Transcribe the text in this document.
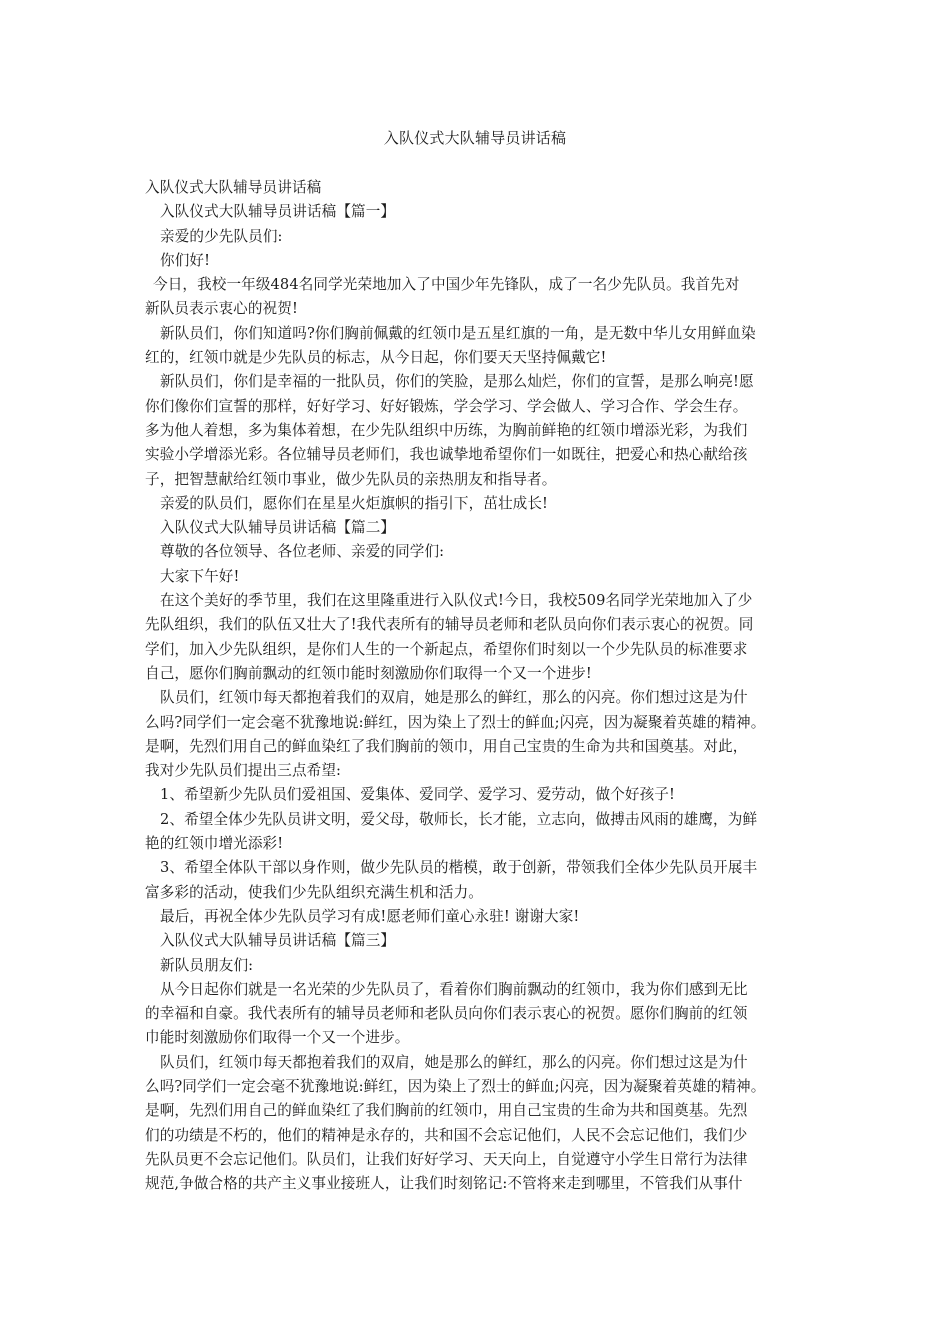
入队仪式大队辅导员讲话稿
入队仪式大队辅导员讲话稿
入队仪式大队辅导员讲话稿【篇一】
亲爱的少先队员们:
你们好!
今日，我校一年级484名同学光荣地加入了中国少年先锋队，成了一名少先队员。我首先对
新队员表示衷心的祝贺!
新队员们，你们知道吗?你们胸前佩戴的红领巾是五星红旗的一角，是无数中华儿女用鲜血染
红的，红领巾就是少先队员的标志，从今日起，你们要天天坚持佩戴它!
新队员们，你们是幸福的一批队员，你们的笑脸，是那么灿烂，你们的宣誓，是那么响亮!愿
你们像你们宣誓的那样，好好学习、好好锻炼，学会学习、学会做人、学习合作、学会生存。
多为他人着想，多为集体着想，在少先队组织中历练，为胸前鲜艳的红领巾增添光彩，为我们
实验小学增添光彩。各位辅导员老师们，我也诚挚地希望你们一如既往，把爱心和热心献给孩
子，把智慧献给红领巾事业，做少先队员的亲热朋友和指导者。
亲爱的队员们，愿你们在星星火炬旗帜的指引下，茁壮成长!
入队仪式大队辅导员讲话稿【篇二】
尊敬的各位领导、各位老师、亲爱的同学们:
大家下午好!
在这个美好的季节里，我们在这里隆重进行入队仪式!今日，我校509名同学光荣地加入了少
先队组织，我们的队伍又壮大了!我代表所有的辅导员老师和老队员向你们表示衷心的祝贺。同
学们，加入少先队组织，是你们人生的一个新起点，希望你们时刻以一个少先队员的标准要求
自己，愿你们胸前飘动的红领巾能时刻激励你们取得一个又一个进步!
队员们，红领巾每天都抱着我们的双肩，她是那么的鲜红，那么的闪亮。你们想过这是为什
么吗?同学们一定会毫不犹豫地说:鲜红，因为染上了烈士的鲜血;闪亮，因为凝聚着英雄的精神。
是啊，先烈们用自己的鲜血染红了我们胸前的领巾，用自己宝贵的生命为共和国奠基。对此，
我对少先队员们提出三点希望:
1、希望新少先队员们爱祖国、爱集体、爱同学、爱学习、爱劳动，做个好孩子!
2、希望全体少先队员讲文明，爱父母，敬师长，长才能，立志向，做搏击风雨的雄鹰，为鲜
艳的红领巾增光添彩!
3、希望全体队干部以身作则，做少先队员的楷模，敢于创新，带领我们全体少先队员开展丰
富多彩的活动，使我们少先队组织充满生机和活力。
最后，再祝全体少先队员学习有成!愿老师们童心永驻! 谢谢大家!
入队仪式大队辅导员讲话稿【篇三】
新队员朋友们:
从今日起你们就是一名光荣的少先队员了，看着你们胸前飘动的红领巾，我为你们感到无比
的幸福和自豪。我代表所有的辅导员老师和老队员向你们表示衷心的祝贺。愿你们胸前的红领
巾能时刻激励你们取得一个又一个进步。
队员们，红领巾每天都抱着我们的双肩，她是那么的鲜红，那么的闪亮。你们想过这是为什
么吗?同学们一定会毫不犹豫地说:鲜红，因为染上了烈士的鲜血;闪亮，因为凝聚着英雄的精神。
是啊，先烈们用自己的鲜血染红了我们胸前的红领巾，用自己宝贵的生命为共和国奠基。先烈
们的功绩是不朽的，他们的精神是永存的，共和国不会忘记他们，人民不会忘记他们，我们少
先队员更不会忘记他们。队员们，让我们好好学习、天天向上，自觉遵守小学生日常行为法律
规范,争做合格的共产主义事业接班人，让我们时刻铭记:不管将来走到哪里，不管我们从事什
